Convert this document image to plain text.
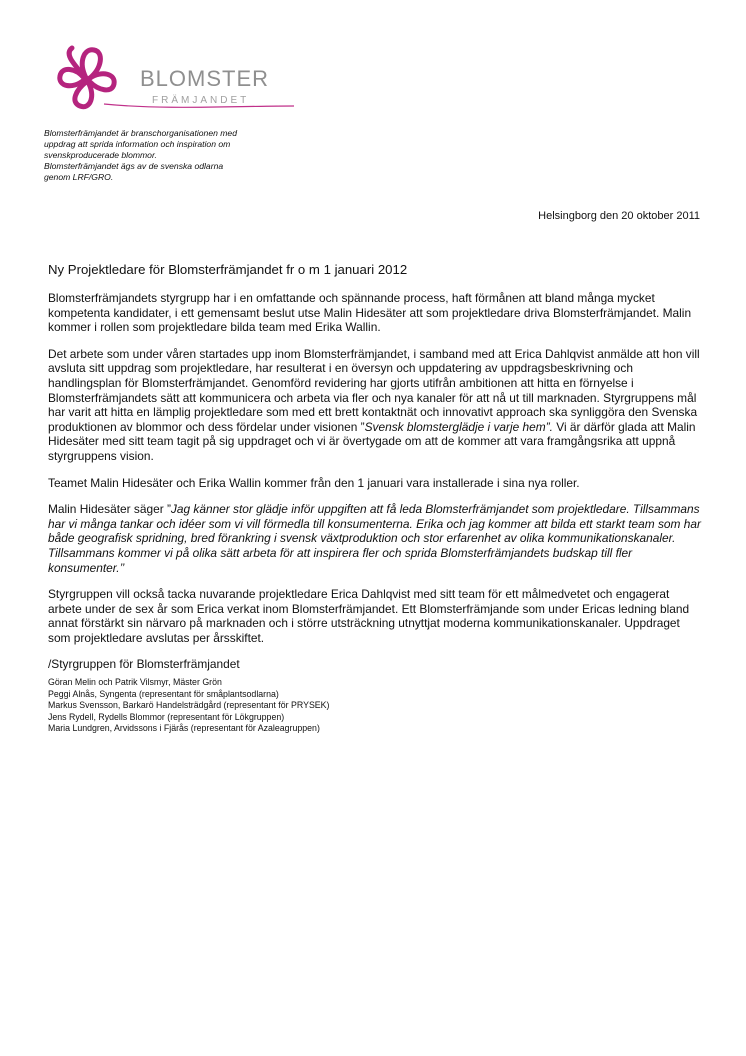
BLOMSTER
FRÄMJANDET
Blomsterfrämjandet är branschorganisationen med
uppdrag att sprida information och inspiration om
svenskproducerade blommor.
Blomsterfrämjandet ägs av de svenska odlarna
genom LRF/GRO.
Helsingborg den 20 oktober 2011
Ny Projektledare för Blomsterfrämjandet fr o m 1 januari 2012

Blomsterfrämjandets styrgrupp har i en omfattande och spännande process, haft förmånen att bland många mycket kompetenta kandidater, i ett gemensamt beslut utse Malin Hidesäter att som projektledare driva Blomsterfrämjandet. Malin kommer i rollen som projektledare bilda team med Erika Wallin.

Det arbete som under våren startades upp inom Blomsterfrämjandet, i samband med att Erica Dahlqvist anmälde att hon vill avsluta sitt uppdrag som projektledare, har resulterat i en översyn och uppdatering av uppdragsbeskrivning och handlingsplan för Blomsterfrämjandet. Genomförd revidering har gjorts utifrån ambitionen att hitta en förnyelse i Blomsterfrämjandets sätt att kommunicera och arbeta via fler och nya kanaler för att nå ut till marknaden. Styrgruppens mål har varit att hitta en lämplig projektledare som med ett brett kontaktnät och innovativt approach ska synliggöra den Svenska produktionen av blommor och dess fördelar under visionen ”Svensk blomsterglädje i varje hem”. Vi är därför glada att Malin Hidesäter med sitt team tagit på sig uppdraget och vi är övertygade om att de kommer att vara framgångsrika att uppnå styrgruppens vision.

Teamet Malin Hidesäter och Erika Wallin kommer från den 1 januari vara installerade i sina nya roller.

Malin Hidesäter säger ”Jag känner stor glädje inför uppgiften att få leda Blomsterfrämjandet som projektledare. Tillsammans har vi många tankar och idéer som vi vill förmedla till konsumenterna. Erika och jag kommer att bilda ett starkt team som har både geografisk spridning, bred förankring i svensk växtproduktion och stor erfarenhet av olika kommunikationskanaler. Tillsammans kommer vi på olika sätt arbeta för att inspirera fler och sprida Blomsterfrämjandets budskap till fler konsumenter.’’

Styrgruppen vill också tacka nuvarande projektledare Erica Dahlqvist med sitt team för ett målmedvetet och engagerat arbete under de sex år som Erica verkat inom Blomsterfrämjandet. Ett Blomsterfrämjande som under Ericas ledning bland annat förstärkt sin närvaro på marknaden och i större utsträckning utnyttjat moderna kommunikationskanaler. Uppdraget som projektledare avslutas per årsskiftet.

/Styrgruppen för Blomsterfrämjandet
Göran Melin och Patrik Vilsmyr, Mäster Grön
Peggi Alnås, Syngenta (representant för småplantsodlarna)
Markus Svensson, Barkarö Handelsträdgård (representant för PRYSEK)
Jens Rydell, Rydells Blommor (representant för Lökgruppen)
Maria Lundgren, Arvidssons i Fjärås (representant för Azaleagruppen)
